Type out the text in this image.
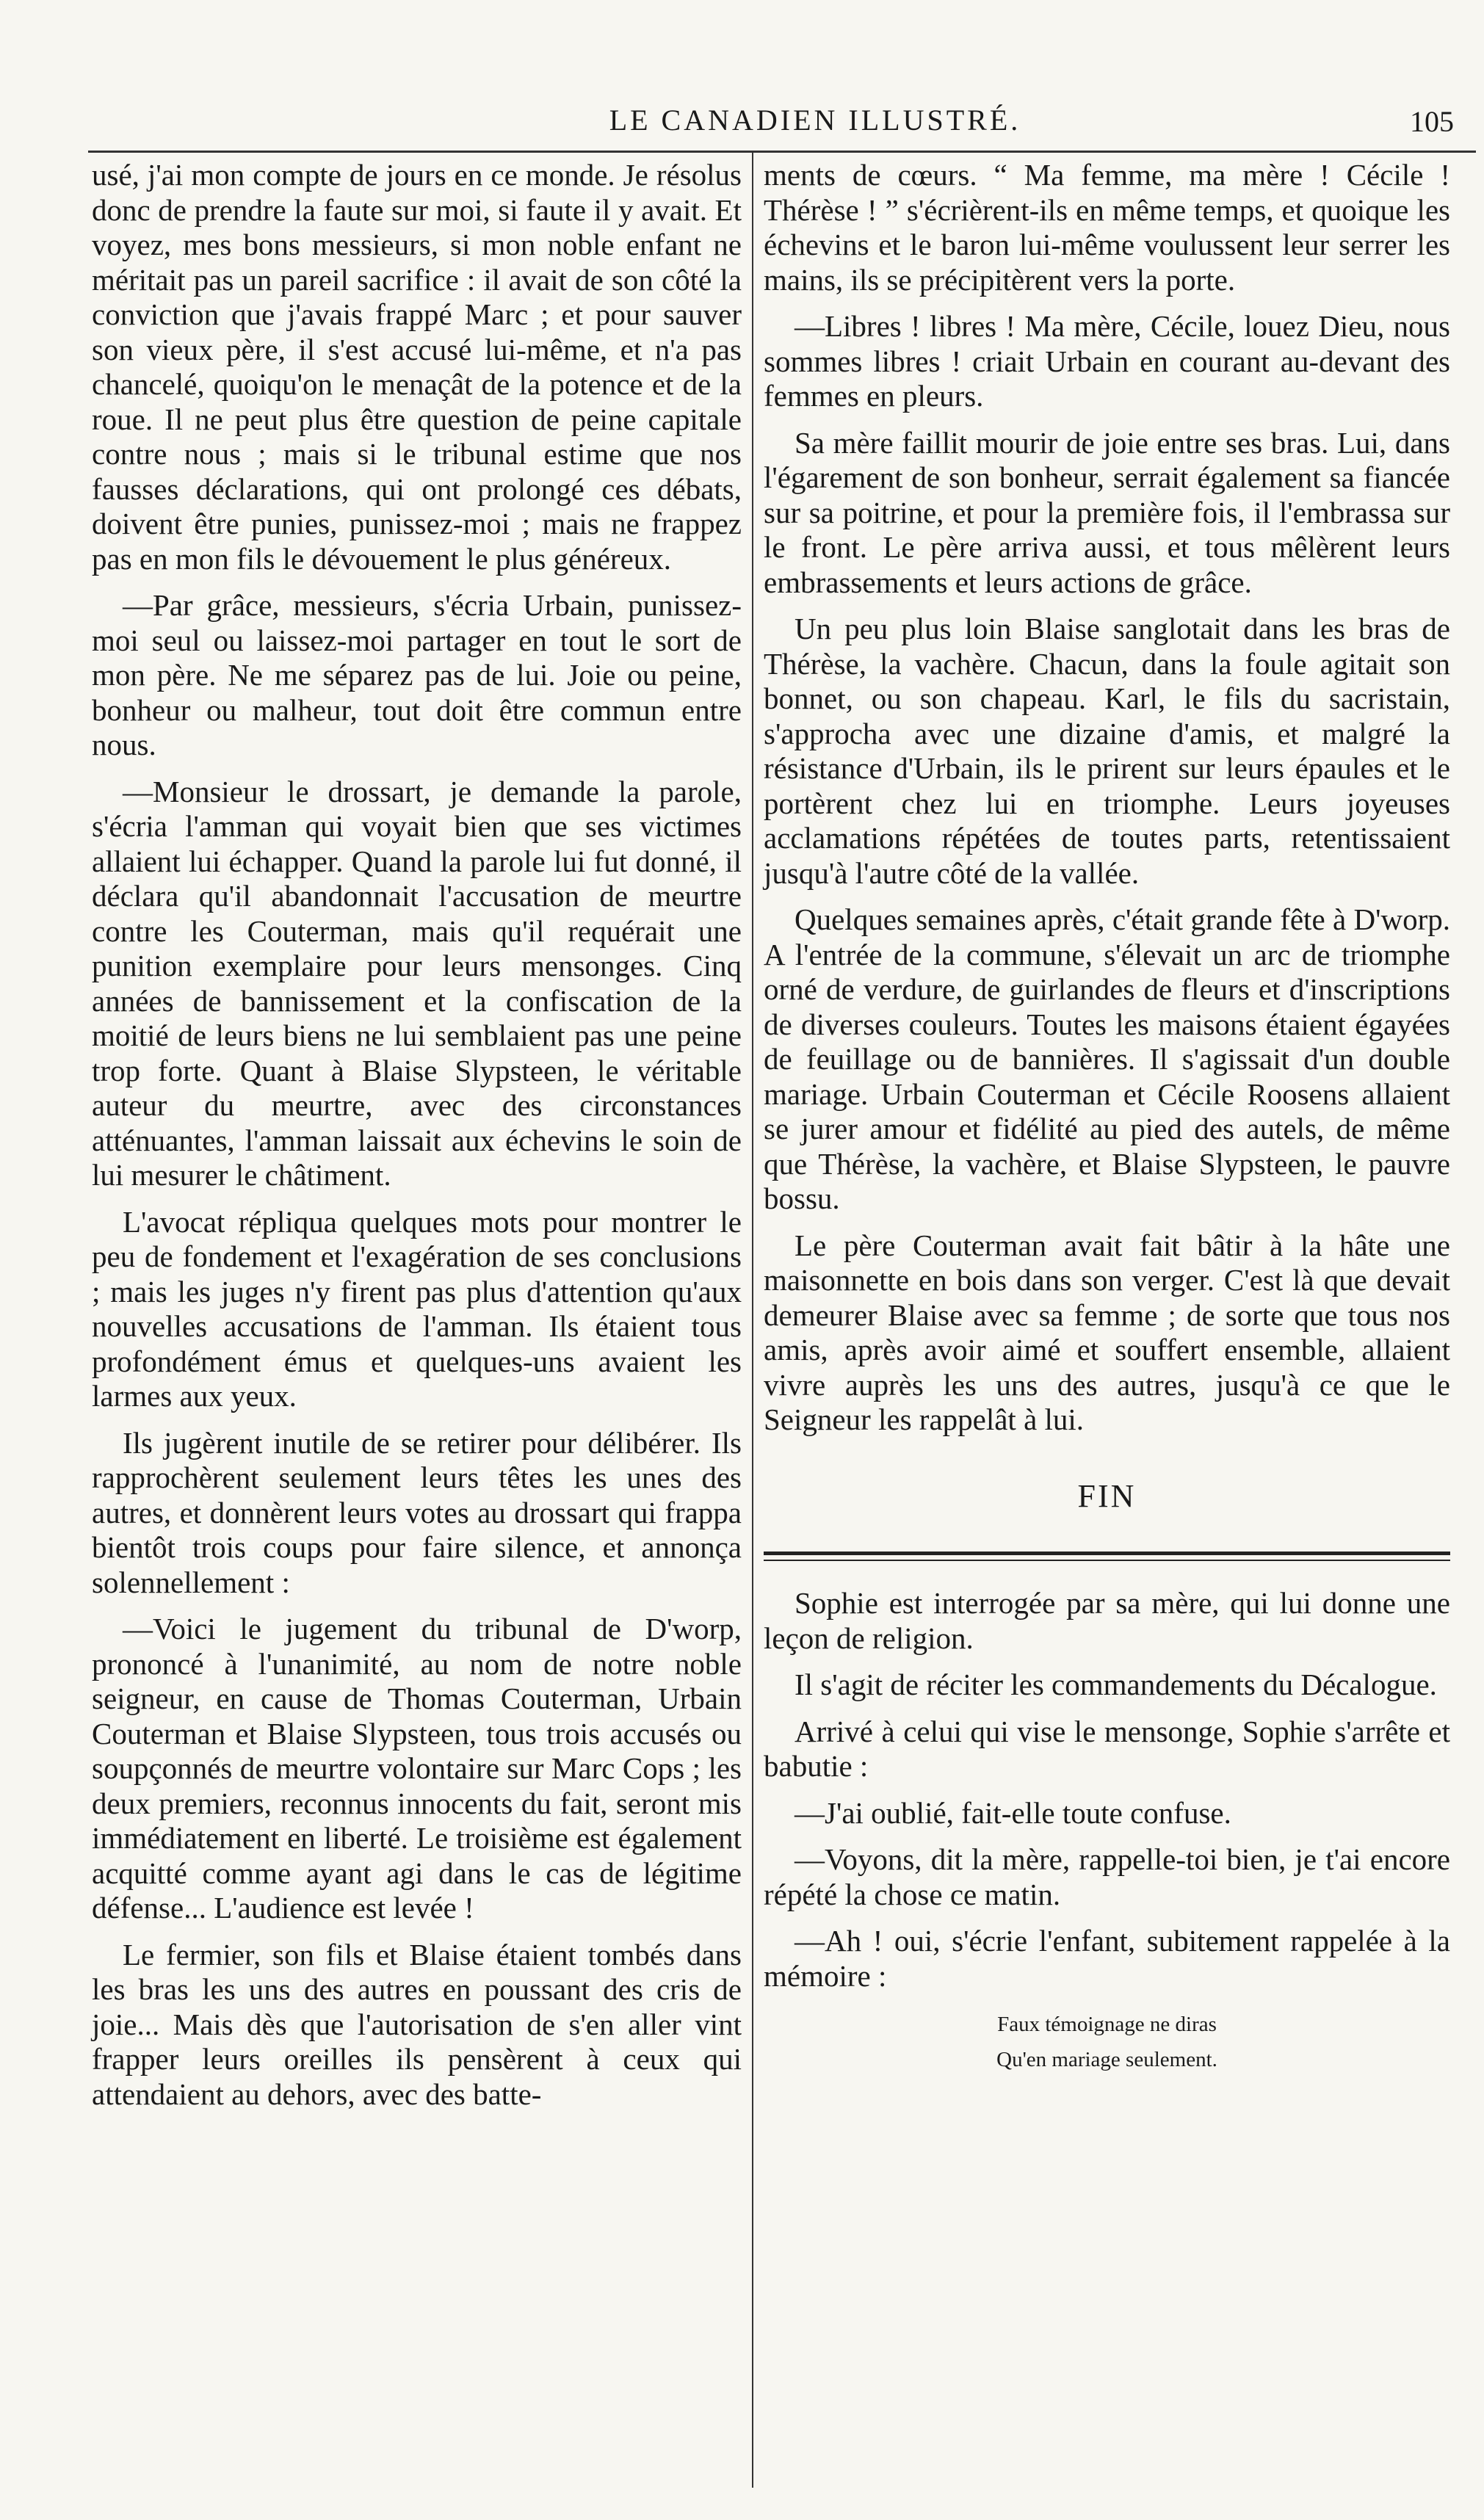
LE CANADIEN ILLUSTRÉ.	105

usé, j'ai mon compte de jours en ce monde. Je résolus donc de prendre la faute sur moi, si faute il y avait. Et voyez, mes bons messieurs, si mon noble enfant ne méritait pas un pareil sacrifice : il avait de son côté la conviction que j'avais frappé Marc ; et pour sauver son vieux père, il s'est accusé lui-même, et n'a pas chancelé, quoiqu'on le menaçât de la potence et de la roue. Il ne peut plus être question de peine capitale contre nous ; mais si le tribunal estime que nos fausses déclarations, qui ont prolongé ces débats, doivent être punies, punissez-moi ; mais ne frappez pas en mon fils le dévouement le plus généreux.

—Par grâce, messieurs, s'écria Urbain, punissez-moi seul ou laissez-moi partager en tout le sort de mon père. Ne me séparez pas de lui. Joie ou peine, bonheur ou malheur, tout doit être commun entre nous.

—Monsieur le drossart, je demande la parole, s'écria l'amman qui voyait bien que ses victimes allaient lui échapper. Quand la parole lui fut donné, il déclara qu'il abandonnait l'accusation de meurtre contre les Couterman, mais qu'il requérait une punition exemplaire pour leurs mensonges. Cinq années de bannissement et la confiscation de la moitié de leurs biens ne lui semblaient pas une peine trop forte. Quant à Blaise Slypsteen, le véritable auteur du meurtre, avec des circonstances atténuantes, l'amman laissait aux échevins le soin de lui mesurer le châtiment.

L'avocat répliqua quelques mots pour montrer le peu de fondement et l'exagération de ses conclusions ; mais les juges n'y firent pas plus d'attention qu'aux nouvelles accusations de l'amman. Ils étaient tous profondément émus et quelques-uns avaient les larmes aux yeux.

Ils jugèrent inutile de se retirer pour délibérer. Ils rapprochèrent seulement leurs têtes les unes des autres, et donnèrent leurs votes au drossart qui frappa bientôt trois coups pour faire silence, et annonça solennellement :

—Voici le jugement du tribunal de D'worp, prononcé à l'unanimité, au nom de notre noble seigneur, en cause de Thomas Couterman, Urbain Couterman et Blaise Slypsteen, tous trois accusés ou soupçonnés de meurtre volontaire sur Marc Cops ; les deux premiers, reconnus innocents du fait, seront mis immédiatement en liberté. Le troisième est également acquitté comme ayant agi dans le cas de légitime défense... L'audience est levée !

Le fermier, son fils et Blaise étaient tombés dans les bras les uns des autres en poussant des cris de joie... Mais dès que l'autorisation de s'en aller vint frapper leurs oreilles ils pensèrent à ceux qui attendaient au dehors, avec des batte-

ments de cœurs. “ Ma femme, ma mère ! Cécile ! Thérèse ! ” s'écrièrent-ils en même temps, et quoique les échevins et le baron lui-même voulussent leur serrer les mains, ils se précipitèrent vers la porte.

—Libres ! libres ! Ma mère, Cécile, louez Dieu, nous sommes libres ! criait Urbain en courant au-devant des femmes en pleurs.

Sa mère faillit mourir de joie entre ses bras. Lui, dans l'égarement de son bonheur, serrait également sa fiancée sur sa poitrine, et pour la première fois, il l'embrassa sur le front. Le père arriva aussi, et tous mêlèrent leurs embrassements et leurs actions de grâce.

Un peu plus loin Blaise sanglotait dans les bras de Thérèse, la vachère. Chacun, dans la foule agitait son bonnet, ou son chapeau. Karl, le fils du sacristain, s'approcha avec une dizaine d'amis, et malgré la résistance d'Urbain, ils le prirent sur leurs épaules et le portèrent chez lui en triomphe. Leurs joyeuses acclamations répétées de toutes parts, retentissaient jusqu'à l'autre côté de la vallée.

Quelques semaines après, c'était grande fête à D'worp. A l'entrée de la commune, s'élevait un arc de triomphe orné de verdure, de guirlandes de fleurs et d'inscriptions de diverses couleurs. Toutes les maisons étaient égayées de feuillage ou de bannières. Il s'agissait d'un double mariage. Urbain Couterman et Cécile Roosens allaient se jurer amour et fidélité au pied des autels, de même que Thérèse, la vachère, et Blaise Slypsteen, le pauvre bossu.

Le père Couterman avait fait bâtir à la hâte une maisonnette en bois dans son verger. C'est là que devait demeurer Blaise avec sa femme ; de sorte que tous nos amis, après avoir aimé et souffert ensemble, allaient vivre auprès les uns des autres, jusqu'à ce que le Seigneur les rappelât à lui.

FIN

Sophie est interrogée par sa mère, qui lui donne une leçon de religion.

Il s'agit de réciter les commandements du Décalogue.

Arrivé à celui qui vise le mensonge, Sophie s'arrête et babutie :

—J'ai oublié, fait-elle toute confuse.

—Voyons, dit la mère, rappelle-toi bien, je t'ai encore répété la chose ce matin.

—Ah ! oui, s'écrie l'enfant, subitement rappelée à la mémoire :

Faux témoignage ne diras
Qu'en mariage seulement.
